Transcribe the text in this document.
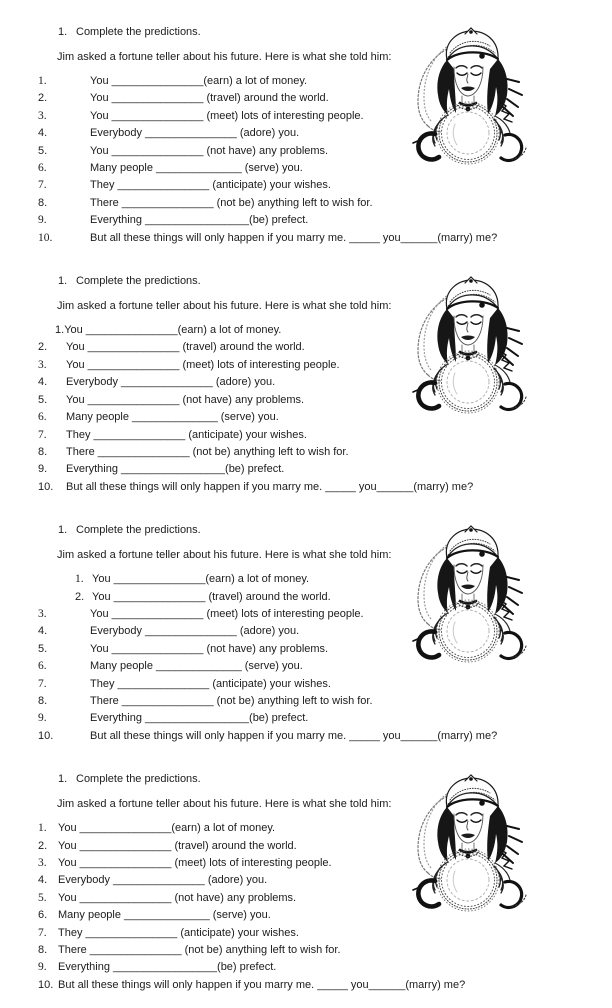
1. Complete the predictions.
Jim asked a fortune teller about his future. Here is what she told him:
1.	You _______________(earn) a lot of money.
2.	You _______________ (travel) around the world.
3.	You _______________ (meet) lots of interesting people.
4.	Everybody _______________ (adore) you.
5.	You _______________ (not have) any problems.
6.	Many people ______________ (serve) you.
7.	They _______________ (anticipate) your wishes.
8.	There _______________ (not be) anything left to wish for.
9.	Everything _________________(be) prefect.
10.	But all these things will only happen if you marry me. _____ you______(marry) me?
1. Complete the predictions.
Jim asked a fortune teller about his future. Here is what she told him:
1. You _______________(earn) a lot of money.
2.	You _______________ (travel) around the world.
3.	You _______________ (meet) lots of interesting people.
4.	Everybody _______________ (adore) you.
5.	You _______________ (not have) any problems.
6.	Many people ______________ (serve) you.
7.	They _______________ (anticipate) your wishes.
8.	There _______________ (not be) anything left to wish for.
9.	Everything _________________(be) prefect.
10.	But all these things will only happen if you marry me. _____ you______(marry) me?
1. Complete the predictions.
Jim asked a fortune teller about his future. Here is what she told him:
1. You _______________(earn) a lot of money.
2. You _______________ (travel) around the world.
3.	You _______________ (meet) lots of interesting people.
4.	Everybody _______________ (adore) you.
5.	You _______________ (not have) any problems.
6.	Many people ______________ (serve) you.
7.	They _______________ (anticipate) your wishes.
8.	There _______________ (not be) anything left to wish for.
9.	Everything _________________(be) prefect.
10.	But all these things will only happen if you marry me. _____ you______(marry) me?
1. Complete the predictions.
Jim asked a fortune teller about his future. Here is what she told him:
1.	You _______________(earn) a lot of money.
2. You _______________ (travel) around the world.
3.	You _______________ (meet) lots of interesting people.
4. Everybody _______________ (adore) you.
5.	You _______________ (not have) any problems.
6. Many people ______________ (serve) you.
7.	They _______________ (anticipate) your wishes.
8. There _______________ (not be) anything left to wish for.
9.	Everything _________________(be) prefect.
10. But all these things will only happen if you marry me. _____ you______(marry) me?
